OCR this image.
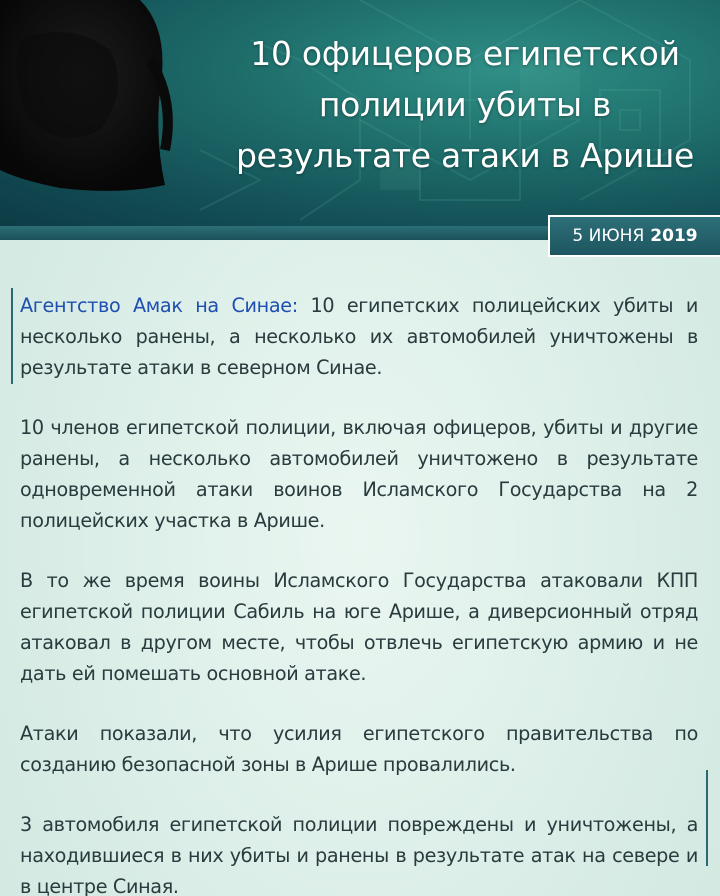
10 офицеров египетской полиции убиты в результате атаки в Арише
5 ИЮНЯ 2019

Агентство Амак на Синае: 10 египетских полицейских убиты и несколько ранены, а несколько их автомобилей уничтожены в результате атаки в северном Синае.

10 членов египетской полиции, включая офицеров, убиты и другие ранены, а несколько автомобилей уничтожено в результате одновременной атаки воинов Исламского Государства на 2 полицейских участка в Арише.

В то же время воины Исламского Государства атаковали КПП египетской полиции Сабиль на юге Арише, а диверсионный отряд атаковал в другом месте, чтобы отвлечь египетскую армию и не дать ей помешать основной атаке.

Атаки показали, что усилия египетского правительства по созданию безопасной зоны в Арише провалились.

3 автомобиля египетской полиции повреждены и уничтожены, а находившиеся в них убиты и ранены в результате атак на севере и в центре Синая.
